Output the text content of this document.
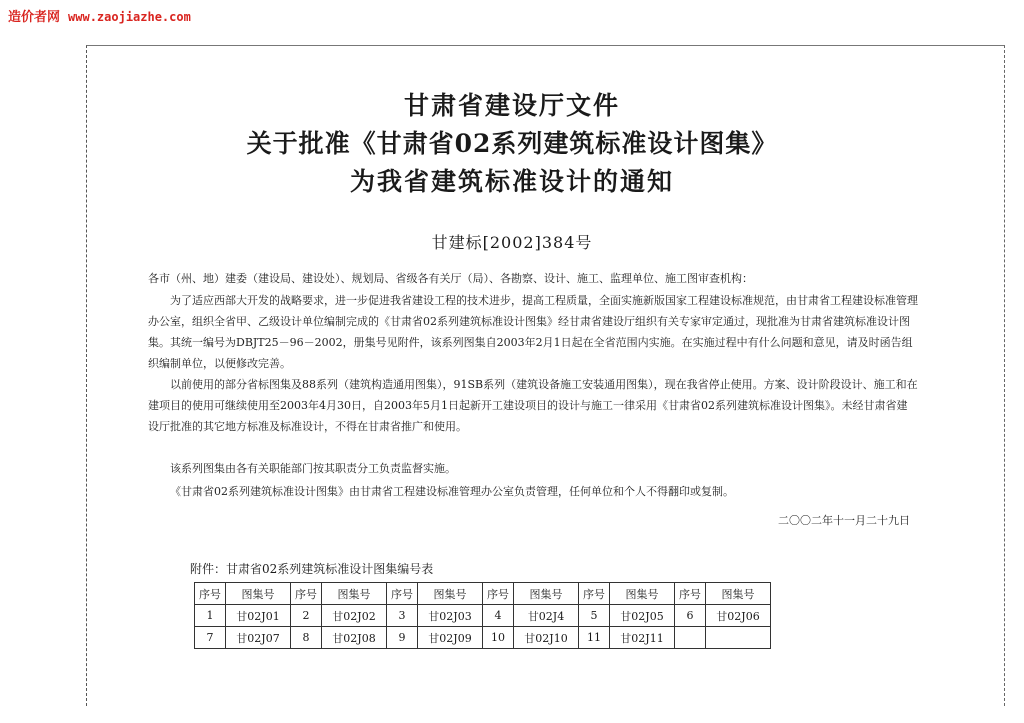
造价者网 www.zaojiazhe.com
甘肃省建设厅文件
关于批准《甘肃省02系列建筑标准设计图集》
为我省建筑标准设计的通知
甘建标[2002]384号

各市（州、地）建委（建设局、建设处）、规划局、省级各有关厅（局）、各勘察、设计、施工、监理单位、施工图审查机构：

为了适应西部大开发的战略要求，进一步促进我省建设工程的技术进步，提高工程质量，全面实施新版国家工程建设标准规范，由甘肃省工程建设标准管理办公室，组织全省甲、乙级设计单位编制完成的《甘肃省02系列建筑标准设计图集》经甘肃省建设厅组织有关专家审定通过，现批准为甘肃省建筑标准设计图集。其统一编号为DBJT25－96－2002，册集号见附件，该系列图集自2003年2月1日起在全省范围内实施。在实施过程中有什么问题和意见，请及时函告组织编制单位，以便修改完善。

以前使用的部分省标图集及88系列（建筑构造通用图集），91SB系列（建筑设备施工安装通用图集），现在我省停止使用。方案、设计阶段设计、施工和在建项目的使用可继续使用至2003年4月30日，自2003年5月1日起新开工建设项目的设计与施工一律采用《甘肃省02系列建筑标准设计图集》。未经甘肃省建设厅批准的其它地方标准及标准设计，不得在甘肃省推广和使用。

该系列图集由各有关职能部门按其职责分工负责监督实施。

《甘肃省02系列建筑标准设计图集》由甘肃省工程建设标准管理办公室负责管理，任何单位和个人不得翻印或复制。

二〇〇二年十一月二十九日
附件：甘肃省02系列建筑标准设计图集编号表
序号	图集号	序号	图集号	序号	图集号	序号	图集号	序号	图集号	序号	图集号
1	甘02J01	2	甘02J02	3	甘02J03	4	甘02J4	5	甘02J05	6	甘02J06
7	甘02J07	8	甘02J08	9	甘02J09	10	甘02J10	11	甘02J11		
